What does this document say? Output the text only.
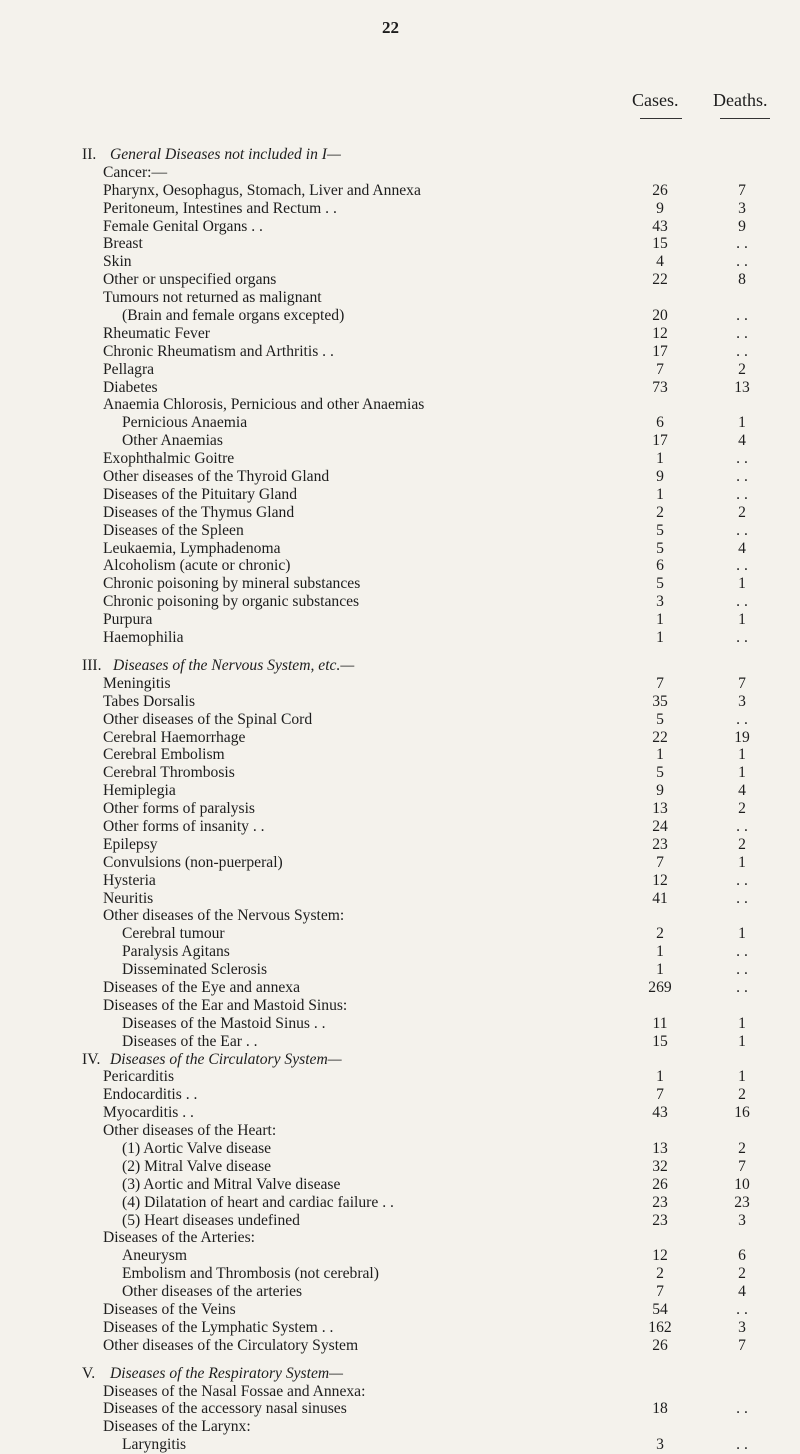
22
Cases. Deaths.
II. General Diseases not included in I—
Cancer:—
Pharynx, Oesophagus, Stomach, Liver and Annexa	26	7
Peritoneum, Intestines and Rectum . .	9	3
Female Genital Organs . .	43	9
Breast	15	. .
Skin	4	. .
Other or unspecified organs	22	8
Tumours not returned as malignant
(Brain and female organs excepted)	20	. .
Rheumatic Fever	12	. .
Chronic Rheumatism and Arthritis . .	17	. .
Pellagra	7	2
Diabetes	73	13
Anaemia Chlorosis, Pernicious and other Anaemias
Pernicious Anaemia	6	1
Other Anaemias	17	4
Exophthalmic Goitre	1	. .
Other diseases of the Thyroid Gland	9	. .
Diseases of the Pituitary Gland	1	. .
Diseases of the Thymus Gland	2	2
Diseases of the Spleen	5	. .
Leukaemia, Lymphadenoma	5	4
Alcoholism (acute or chronic)	6	. .
Chronic poisoning by mineral substances	5	1
Chronic poisoning by organic substances	3	. .
Purpura	1	1
Haemophilia	1	. .
III. Diseases of the Nervous System, etc.—
Meningitis	7	7
Tabes Dorsalis	35	3
Other diseases of the Spinal Cord	5	. .
Cerebral Haemorrhage	22	19
Cerebral Embolism	1	1
Cerebral Thrombosis	5	1
Hemiplegia	9	4
Other forms of paralysis	13	2
Other forms of insanity . .	24	. .
Epilepsy	23	2
Convulsions (non-puerperal)	7	1
Hysteria	12	. .
Neuritis	41	. .
Other diseases of the Nervous System:
Cerebral tumour	2	1
Paralysis Agitans	1	. .
Disseminated Sclerosis	1	. .
Diseases of the Eye and annexa	269	. .
Diseases of the Ear and Mastoid Sinus:
Diseases of the Mastoid Sinus . .	11	1
Diseases of the Ear . .	15	1
IV. Diseases of the Circulatory System—
Pericarditis	1	1
Endocarditis . .	7	2
Myocarditis . .	43	16
Other diseases of the Heart:
(1) Aortic Valve disease	13	2
(2) Mitral Valve disease	32	7
(3) Aortic and Mitral Valve disease	26	10
(4) Dilatation of heart and cardiac failure . .	23	23
(5) Heart diseases undefined	23	3
Diseases of the Arteries:
Aneurysm	12	6
Embolism and Thrombosis (not cerebral)	2	2
Other diseases of the arteries	7	4
Diseases of the Veins	54	. .
Diseases of the Lymphatic System . .	162	3
Other diseases of the Circulatory System	26	7
V. Diseases of the Respiratory System—
Diseases of the Nasal Fossae and Annexa:
Diseases of the accessory nasal sinuses	18	. .
Diseases of the Larynx:
Laryngitis	3	. .
